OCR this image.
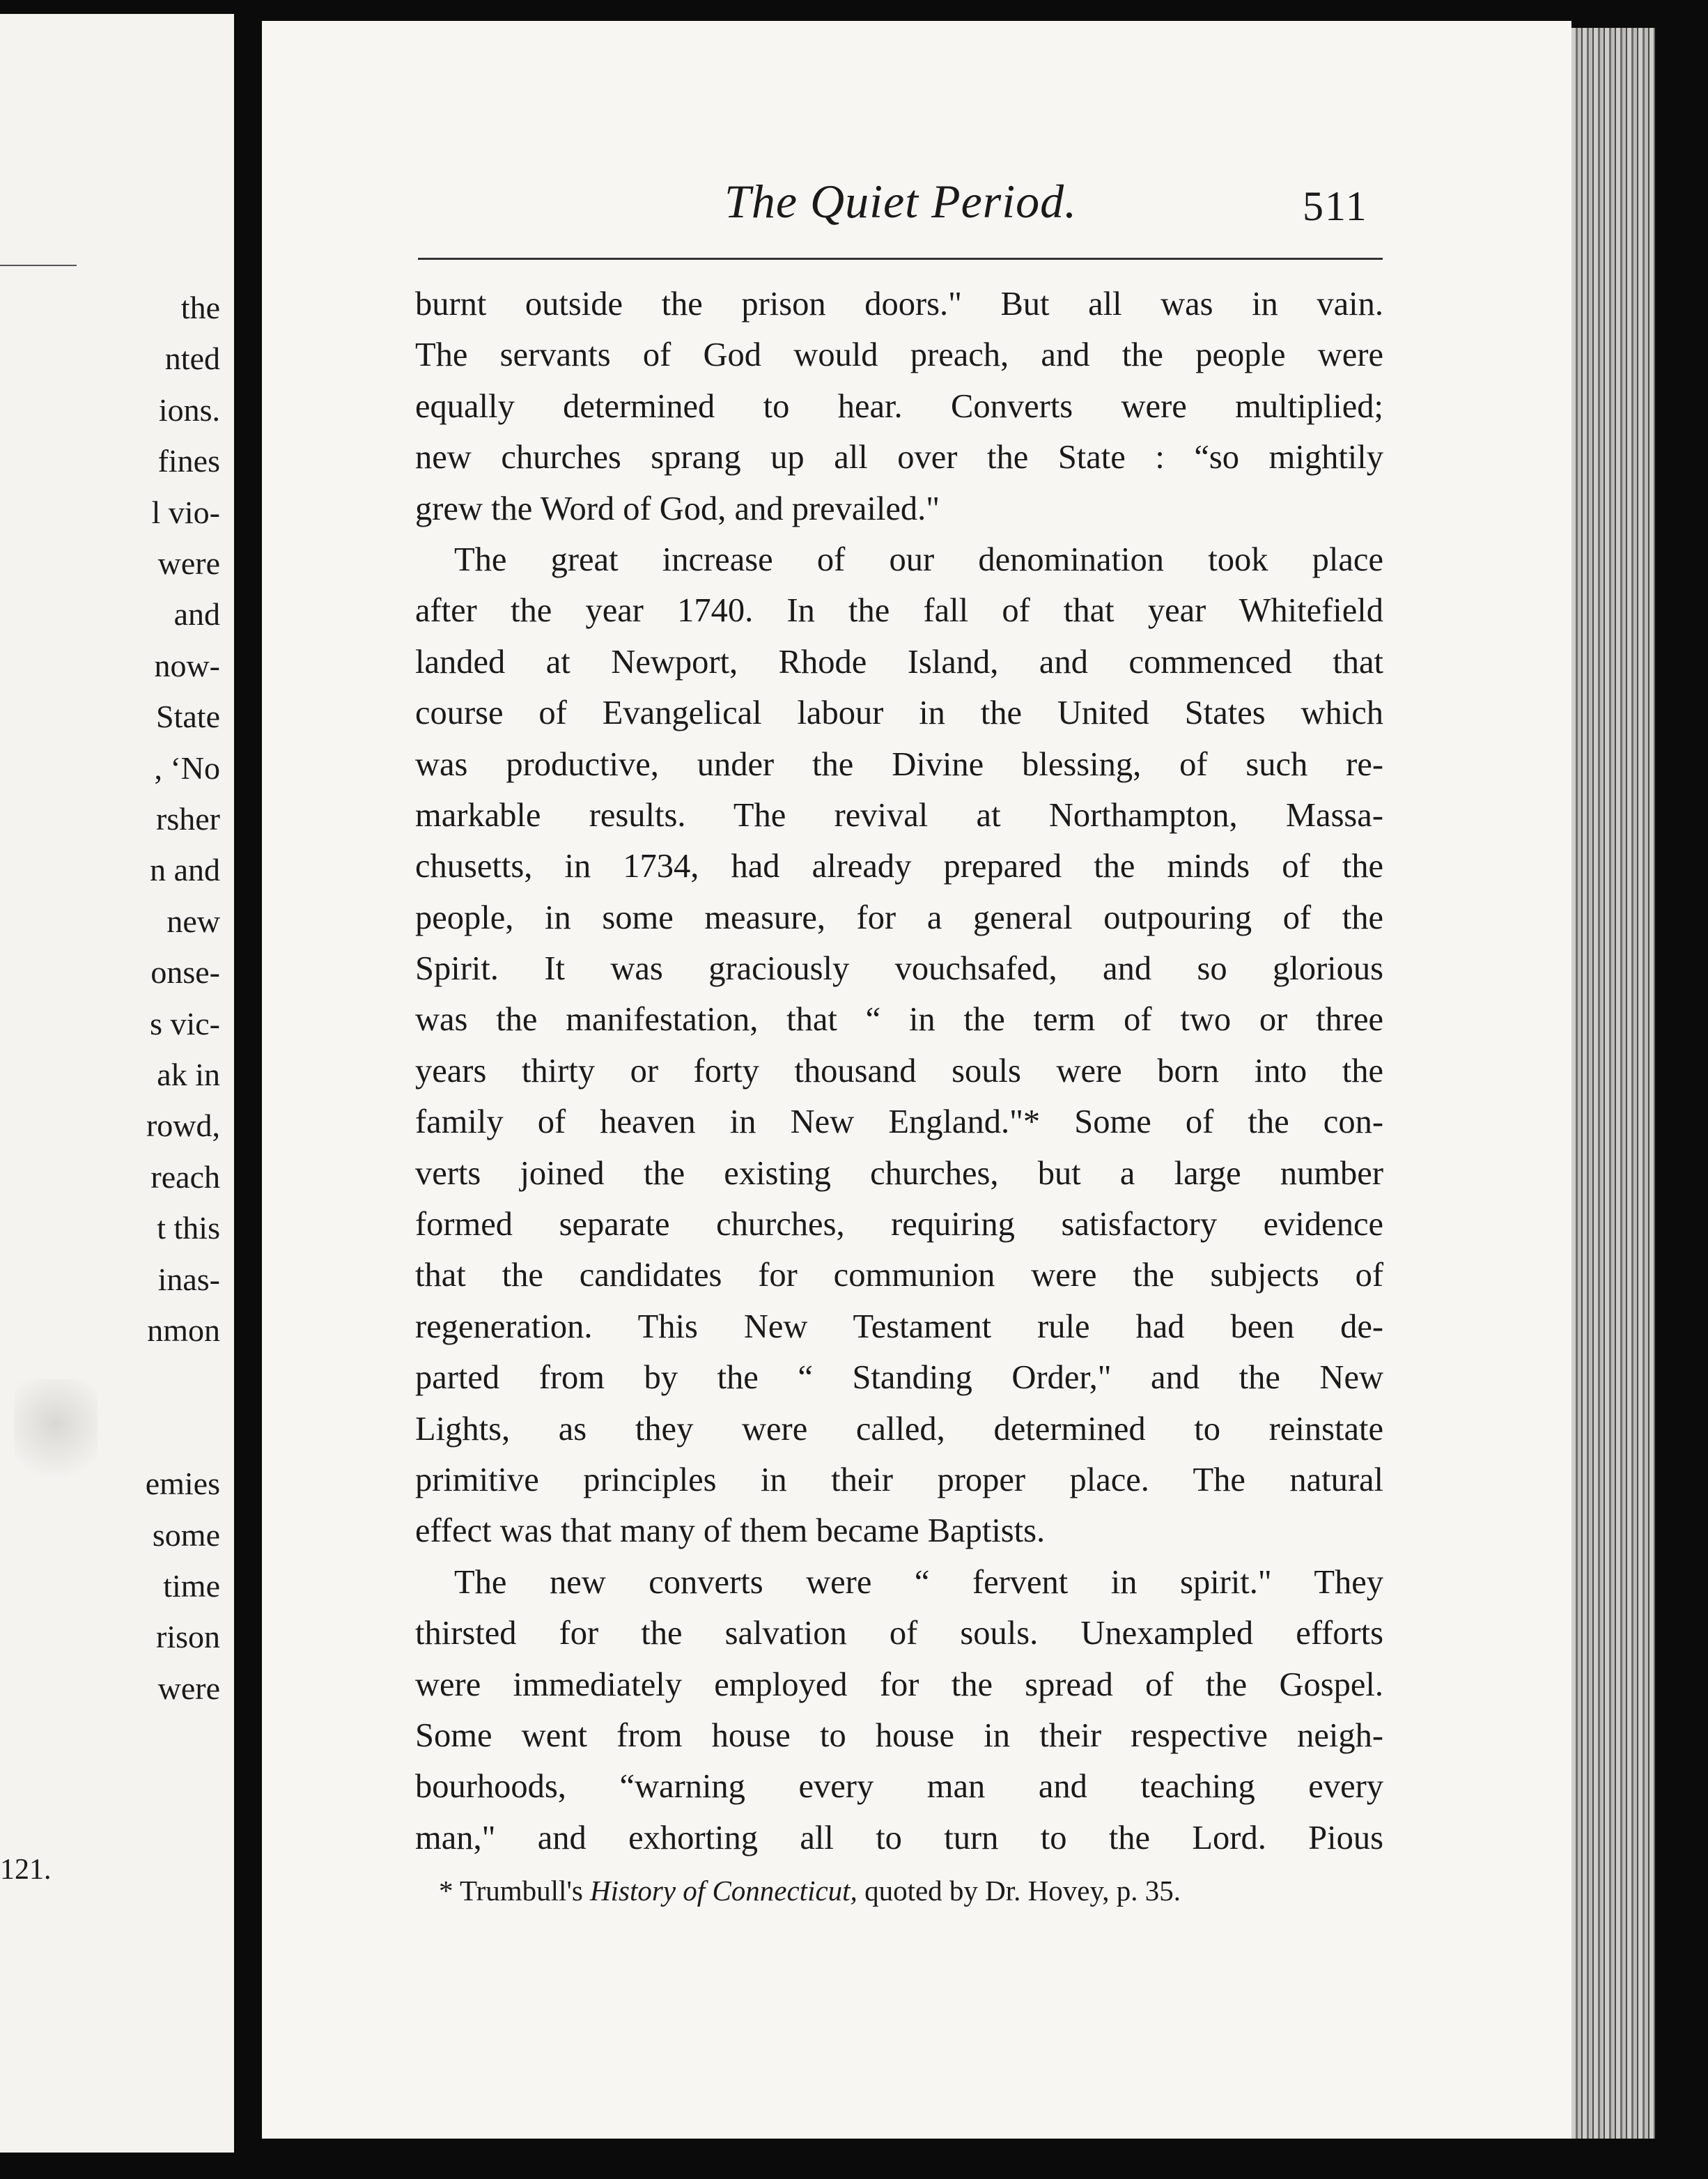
the
nted
ions.
fines
l vio-
were
and
now-
State
, ‘No
rsher
n and
new
onse-
s vic-
ak in
rowd,
reach
t this
inas-
nmon
emies
some
time
rison
were
121.
The Quiet Period.	511
burnt outside the prison doors." But all was in vain.
The servants of God would preach, and the people were
equally determined to hear. Converts were multiplied;
new churches sprang up all over the State : “so mightily
grew the Word of God, and prevailed."
The great increase of our denomination took place
after the year 1740. In the fall of that year Whitefield
landed at Newport, Rhode Island, and commenced that
course of Evangelical labour in the United States which
was productive, under the Divine blessing, of such re-
markable results. The revival at Northampton, Massa-
chusetts, in 1734, had already prepared the minds of the
people, in some measure, for a general outpouring of the
Spirit. It was graciously vouchsafed, and so glorious
was the manifestation, that “ in the term of two or three
years thirty or forty thousand souls were born into the
family of heaven in New England."* Some of the con-
verts joined the existing churches, but a large number
formed separate churches, requiring satisfactory evidence
that the candidates for communion were the subjects of
regeneration. This New Testament rule had been de-
parted from by the “ Standing Order," and the New
Lights, as they were called, determined to reinstate
primitive principles in their proper place. The natural
effect was that many of them became Baptists.
The new converts were “ fervent in spirit." They
thirsted for the salvation of souls. Unexampled efforts
were immediately employed for the spread of the Gospel.
Some went from house to house in their respective neigh-
bourhoods, “warning every man and teaching every
man," and exhorting all to turn to the Lord. Pious
* Trumbull's History of Connecticut, quoted by Dr. Hovey, p. 35.
